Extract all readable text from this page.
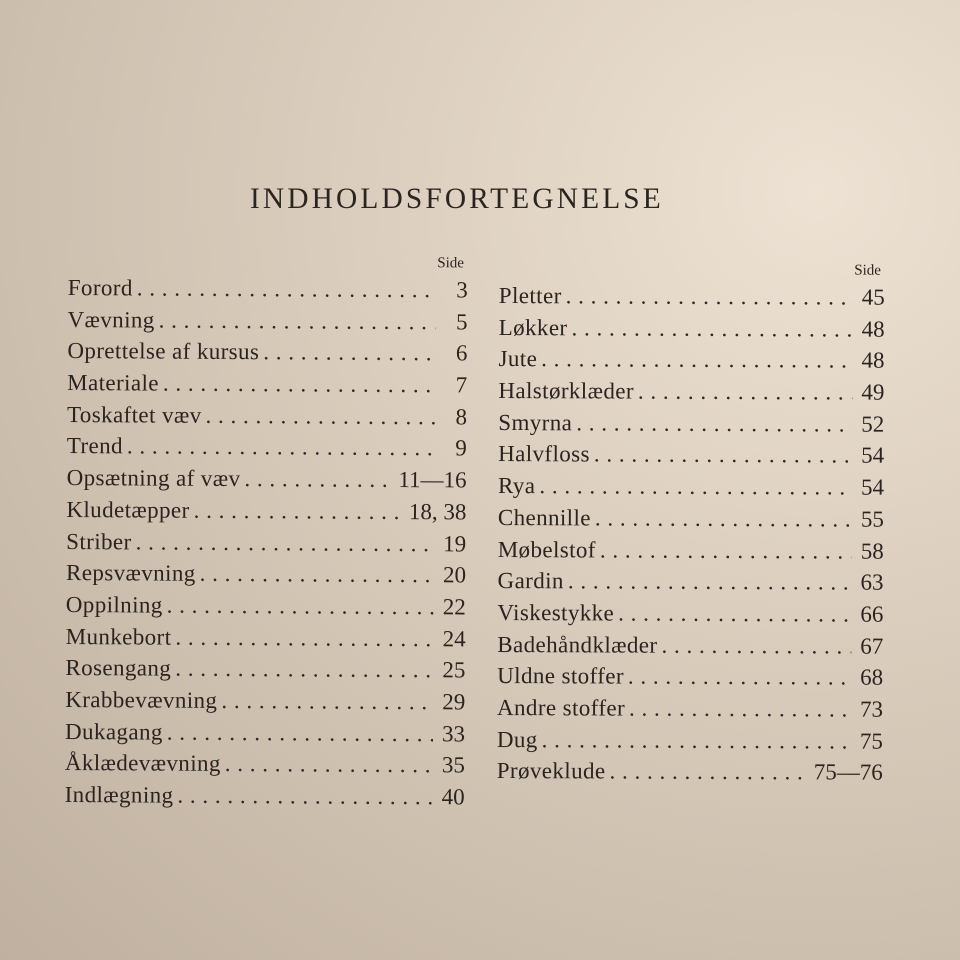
INDHOLDSFORTEGNELSE
Side
Forord . . .	3
Vævning . . .	5
Oprettelse af kursus . . .	6
Materiale . . .	7
Toskaftet væv . . .	8
Trend . . .	9
Opsætning af væv . . .	11—16
Kludetæpper . . .	18, 38
Striber . . .	19
Repsvævning . . .	20
Oppilning . . .	22
Munkebort . . .	24
Rosengang . . .	25
Krabbevævning . . .	29
Dukagang . . .	33
Åklædevævning . . .	35
Indlægning . . .	40
Side
Pletter . . .	45
Løkker . . .	48
Jute . . .	48
Halstørklæder . . .	49
Smyrna . . .	52
Halvfloss . . .	54
Rya . . .	54
Chennille . . .	55
Møbelstof . . .	58
Gardin . . .	63
Viskestykke . . .	66
Badehåndklæder . . .	67
Uldne stoffer . . .	68
Andre stoffer . . .	73
Dug . . .	75
Prøveklude . . .	75—76
